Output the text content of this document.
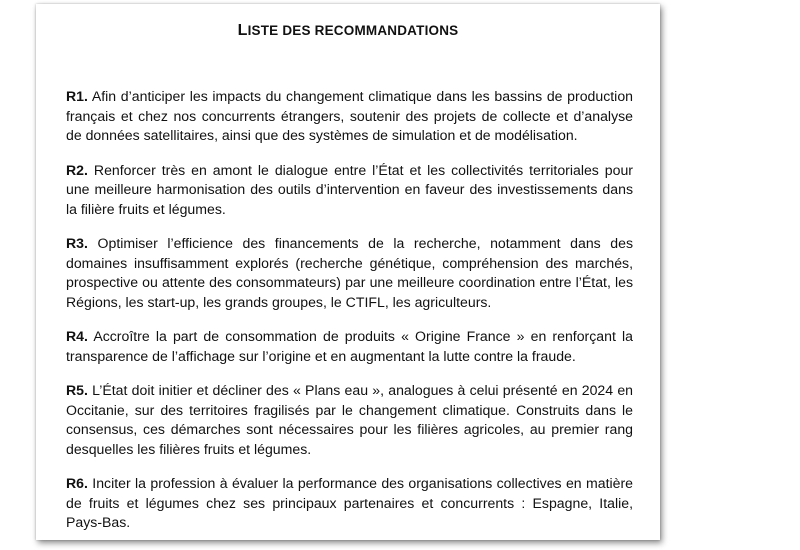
LISTE DES RECOMMANDATIONS

R1. Afin d’anticiper les impacts du changement climatique dans les bassins de production français et chez nos concurrents étrangers, soutenir des projets de collecte et d’analyse de données satellitaires, ainsi que des systèmes de simulation et de modélisation.

R2. Renforcer très en amont le dialogue entre l’État et les collectivités territoriales pour une meilleure harmonisation des outils d’intervention en faveur des investissements dans la filière fruits et légumes.

R3. Optimiser l’efficience des financements de la recherche, notamment dans des domaines insuffisamment explorés (recherche génétique, compréhension des marchés, prospective ou attente des consommateurs) par une meilleure coordination entre l’État, les Régions, les start-up, les grands groupes, le CTIFL, les agriculteurs.

R4. Accroître la part de consommation de produits « Origine France » en renforçant la transparence de l’affichage sur l’origine et en augmentant la lutte contre la fraude.

R5. L’État doit initier et décliner des « Plans eau », analogues à celui présenté en 2024 en Occitanie, sur des territoires fragilisés par le changement climatique. Construits dans le consensus, ces démarches sont nécessaires pour les filières agricoles, au premier rang desquelles les filières fruits et légumes.

R6. Inciter la profession à évaluer la performance des organisations collectives en matière de fruits et légumes chez ses principaux partenaires et concurrents : Espagne, Italie, Pays-Bas.
